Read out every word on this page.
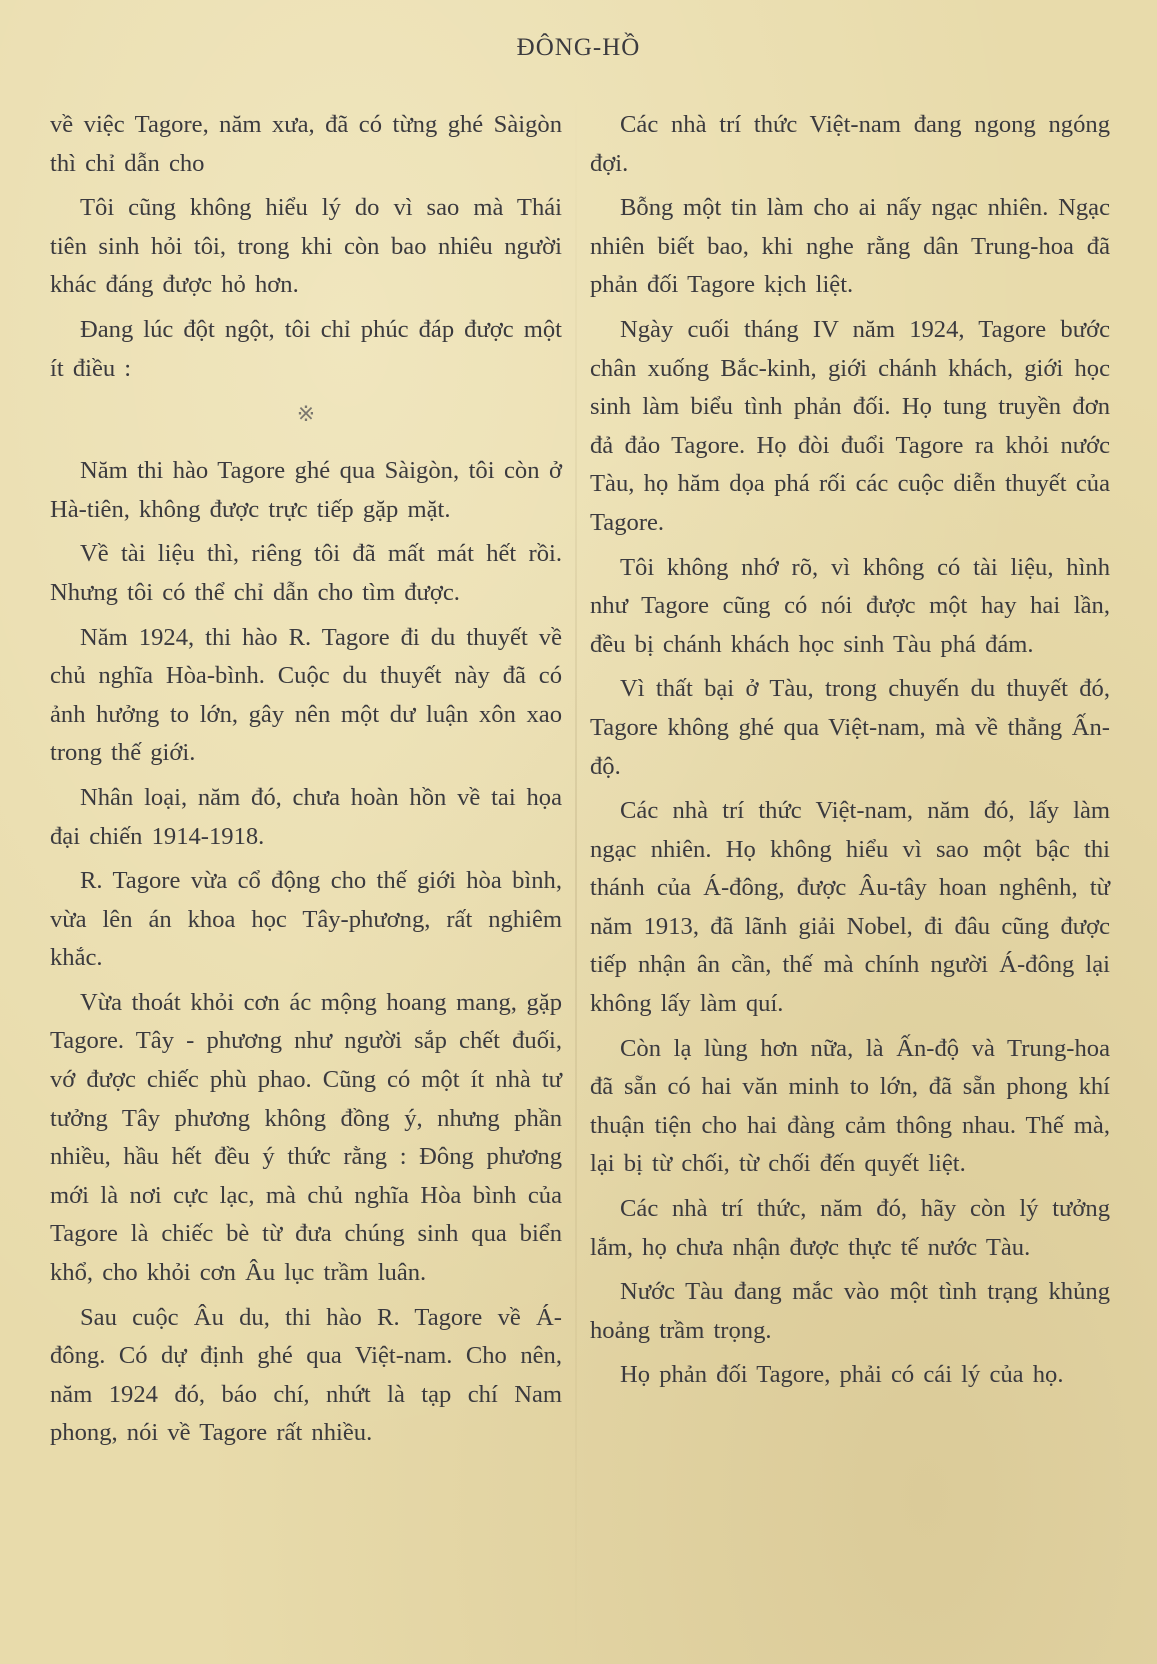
ĐÔNG-HỒ

về việc Tagore, năm xưa, đã có từng ghé Sàigòn thì chỉ dẫn cho

Tôi cũng không hiểu lý do vì sao mà Thái tiên sinh hỏi tôi, trong khi còn bao nhiêu người khác đáng được hỏ hơn.

Đang lúc đột ngột, tôi chỉ phúc đáp được một ít điều :

※

Năm thi hào Tagore ghé qua Sàigòn, tôi còn ở Hà-tiên, không được trực tiếp gặp mặt.

Về tài liệu thì, riêng tôi đã mất mát hết rồi. Nhưng tôi có thể chỉ dẫn cho tìm được.

Năm 1924, thi hào R. Tagore đi du thuyết về chủ nghĩa Hòa-bình. Cuộc du thuyết này đã có ảnh hưởng to lớn, gây nên một dư luận xôn xao trong thế giới.

Nhân loại, năm đó, chưa hoàn hồn về tai họa đại chiến 1914-1918.

R. Tagore vừa cổ động cho thế giới hòa bình, vừa lên án khoa học Tây-phương, rất nghiêm khắc.

Vừa thoát khỏi cơn ác mộng hoang mang, gặp Tagore. Tây - phương như người sắp chết đuối, vớ được chiếc phù phao. Cũng có một ít nhà tư tưởng Tây phương không đồng ý, nhưng phần nhiều, hầu hết đều ý thức rằng : Đông phương mới là nơi cực lạc, mà chủ nghĩa Hòa bình của Tagore là chiếc bè từ đưa chúng sinh qua biển khổ, cho khỏi cơn Âu lục trầm luân.

Sau cuộc Âu du, thi hào R. Tagore về Á-đông. Có dự định ghé qua Việt-nam. Cho nên, năm 1924 đó, báo chí, nhứt là tạp chí Nam phong, nói về Tagore rất nhiều.

Các nhà trí thức Việt-nam đang ngong ngóng đợi.

Bỗng một tin làm cho ai nấy ngạc nhiên. Ngạc nhiên biết bao, khi nghe rằng dân Trung-hoa đã phản đối Tagore kịch liệt.

Ngày cuối tháng IV năm 1924, Tagore bước chân xuống Bắc-kinh, giới chánh khách, giới học sinh làm biểu tình phản đối. Họ tung truyền đơn đả đảo Tagore. Họ đòi đuổi Tagore ra khỏi nước Tàu, họ hăm dọa phá rối các cuộc diễn thuyết của Tagore.

Tôi không nhớ rõ, vì không có tài liệu, hình như Tagore cũng có nói được một hay hai lần, đều bị chánh khách học sinh Tàu phá đám.

Vì thất bại ở Tàu, trong chuyến du thuyết đó, Tagore không ghé qua Việt-nam, mà về thẳng Ấn-độ.

Các nhà trí thức Việt-nam, năm đó, lấy làm ngạc nhiên. Họ không hiểu vì sao một bậc thi thánh của Á-đông, được Âu-tây hoan nghênh, từ năm 1913, đã lãnh giải Nobel, đi đâu cũng được tiếp nhận ân cần, thế mà chính người Á-đông lại không lấy làm quí.

Còn lạ lùng hơn nữa, là Ấn-độ và Trung-hoa đã sẵn có hai văn minh to lớn, đã sẵn phong khí thuận tiện cho hai đàng cảm thông nhau. Thế mà, lại bị từ chối, từ chối đến quyết liệt.

Các nhà trí thức, năm đó, hãy còn lý tưởng lắm, họ chưa nhận được thực tế nước Tàu.

Nước Tàu đang mắc vào một tình trạng khủng hoảng trầm trọng.

Họ phản đối Tagore, phải có cái lý của họ.
